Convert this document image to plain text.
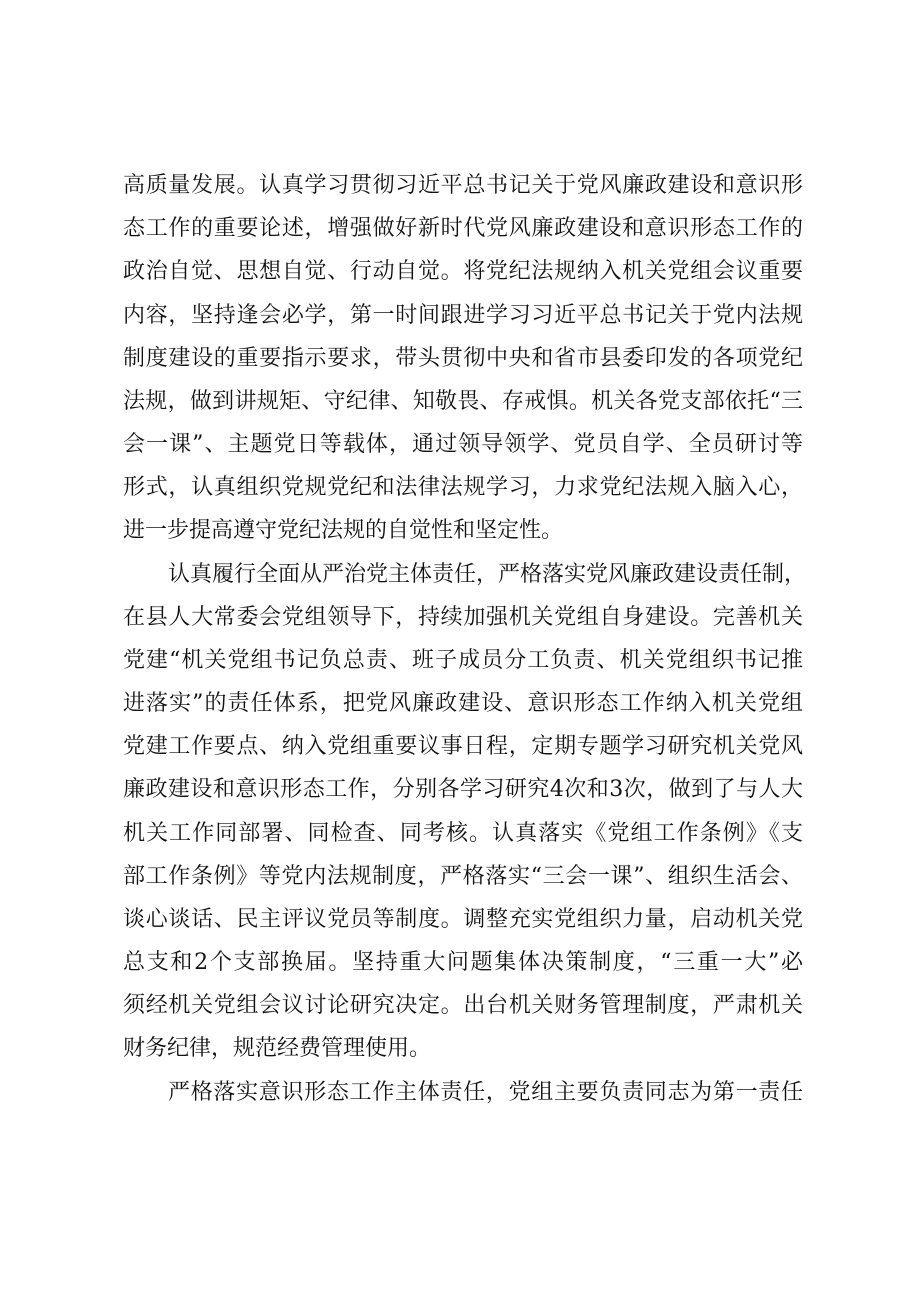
高质量发展。认真学习贯彻习近平总书记关于党风廉政建设和意识形
态工作的重要论述，增强做好新时代党风廉政建设和意识形态工作的
政治自觉、思想自觉、行动自觉。将党纪法规纳入机关党组会议重要
内容，坚持逢会必学，第一时间跟进学习习近平总书记关于党内法规
制度建设的重要指示要求，带头贯彻中央和省市县委印发的各项党纪
法规，做到讲规矩、守纪律、知敬畏、存戒惧。机关各党支部依托“三
会一课”、主题党日等载体，通过领导领学、党员自学、全员研讨等
形式，认真组织党规党纪和法律法规学习，力求党纪法规入脑入心，
进一步提高遵守党纪法规的自觉性和坚定性。
认真履行全面从严治党主体责任，严格落实党风廉政建设责任制，
在县人大常委会党组领导下，持续加强机关党组自身建设。完善机关
党建“机关党组书记负总责、班子成员分工负责、机关党组织书记推
进落实”的责任体系，把党风廉政建设、意识形态工作纳入机关党组
党建工作要点、纳入党组重要议事日程，定期专题学习研究机关党风
廉政建设和意识形态工作，分别各学习研究4次和3次，做到了与人大
机关工作同部署、同检查、同考核。认真落实《党组工作条例》《支
部工作条例》等党内法规制度，严格落实“三会一课”、组织生活会、
谈心谈话、民主评议党员等制度。调整充实党组织力量，启动机关党
总支和2个支部换届。坚持重大问题集体决策制度，“三重一大”必
须经机关党组会议讨论研究决定。出台机关财务管理制度，严肃机关
财务纪律，规范经费管理使用。
严格落实意识形态工作主体责任，党组主要负责同志为第一责任
